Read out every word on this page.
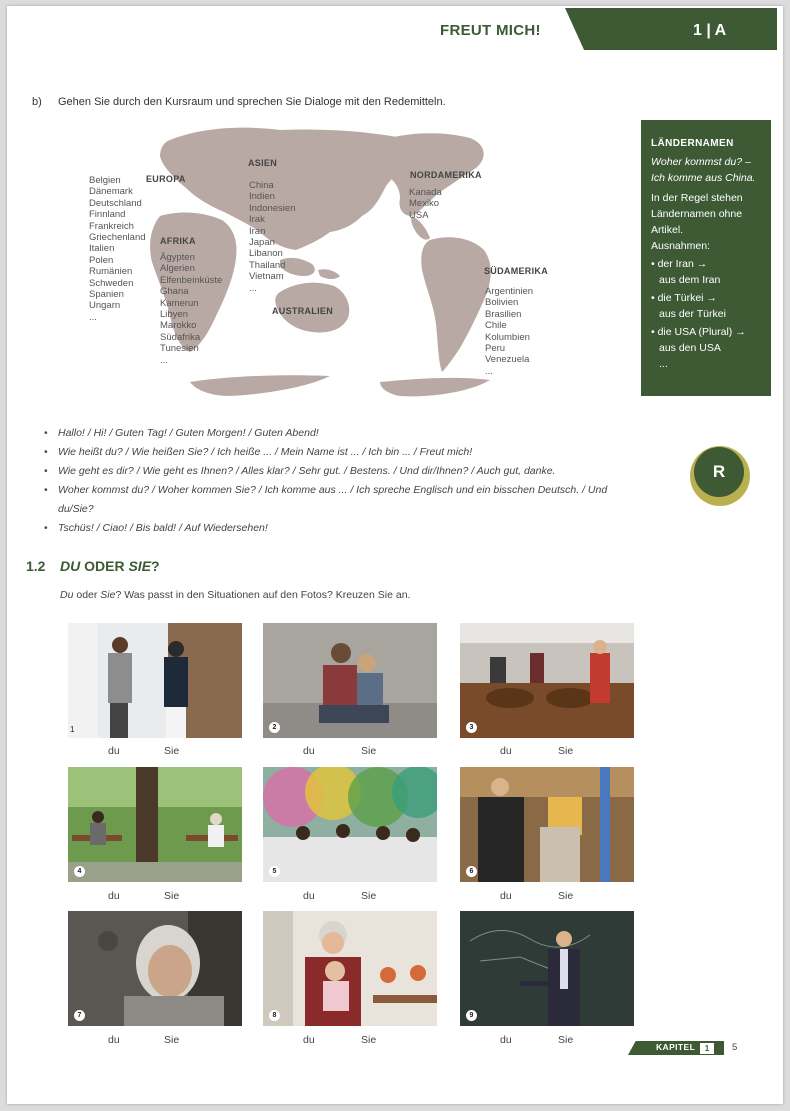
FREUT MICH!	1 | A
b) Gehen Sie durch den Kursraum und sprechen Sie Dialoge mit den Redemitteln.
EUROPA
ASIEN
AFRIKA
NORDAMERIKA
SÜDAMERIKA
AUSTRALIEN
Belgien
Dänemark
Deutschland
Finnland
Frankreich
Griechenland
Italien
Polen
Rumänien
Schweden
Spanien
Ungarn
...
China
Indien
Indonesien
Irak
Iran
Japan
Libanon
Thailand
Vietnam
...
Ägypten
Algerien
Elfenbeinküste
Ghana
Kamerun
Libyen
Marokko
Südafrika
Tunesien
...
Kanada
Mexiko
USA
Argentinien
Bolivien
Brasilien
Chile
Kolumbien
Peru
Venezuela
...
LÄNDERNAMEN
Woher kommst du? –
Ich komme aus China.
In der Regel stehen Ländernamen ohne Artikel.
Ausnahmen:
• der Iran →
aus dem Iran
• die Türkei →
aus der Türkei
• die USA (Plural) →
aus den USA
...
• Hallo! / Hi! / Guten Tag! / Guten Morgen! / Guten Abend!
• Wie heißt du? / Wie heißen Sie? / Ich heiße ... / Mein Name ist ... / Ich bin ... / Freut mich!
• Wie geht es dir? / Wie geht es Ihnen? / Alles klar? / Sehr gut. / Bestens. / Und dir/Ihnen? / Auch gut, danke.
• Woher kommst du? / Woher kommen Sie? / Ich komme aus ... / Ich spreche Englisch und ein bisschen Deutsch. / Und du/Sie?
• Tschüs! / Ciao! / Bis bald! / Auf Wiedersehen!
R
1.2 DU ODER SIE?
Du oder Sie? Was passt in den Situationen auf den Fotos? Kreuzen Sie an.
1	2	3
4	5	6
7	8	9
du	Sie	du	Sie	du	Sie
du	Sie	du	Sie	du	Sie
du	Sie	du	Sie	du	Sie
KAPITEL	1	5
